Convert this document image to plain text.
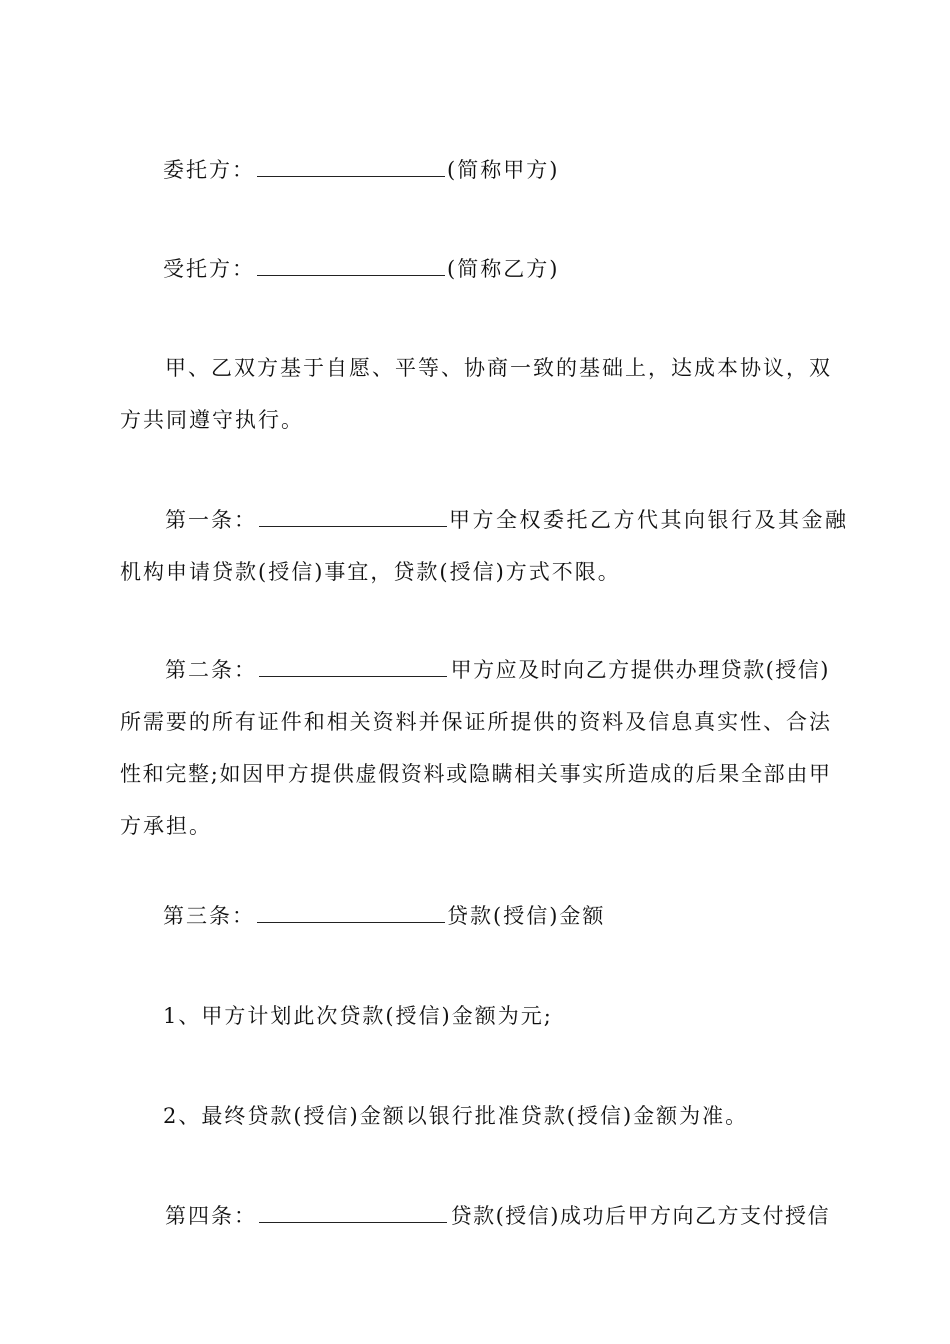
委托方：	(简称甲方)
受托方：	(简称乙方)
甲、乙双方基于自愿、平等、协商一致的基础上，达成本协议，双
方共同遵守执行。
第一条：	甲方全权委托乙方代其向银行及其金融
机构申请贷款(授信)事宜，贷款(授信)方式不限。
第二条：	甲方应及时向乙方提供办理贷款(授信)
所需要的所有证件和相关资料并保证所提供的资料及信息真实性、合法
性和完整;如因甲方提供虚假资料或隐瞒相关事实所造成的后果全部由甲
方承担。
第三条：	贷款(授信)金额
1、甲方计划此次贷款(授信)金额为元;
2、最终贷款(授信)金额以银行批准贷款(授信)金额为准。
第四条：	贷款(授信)成功后甲方向乙方支付授信
